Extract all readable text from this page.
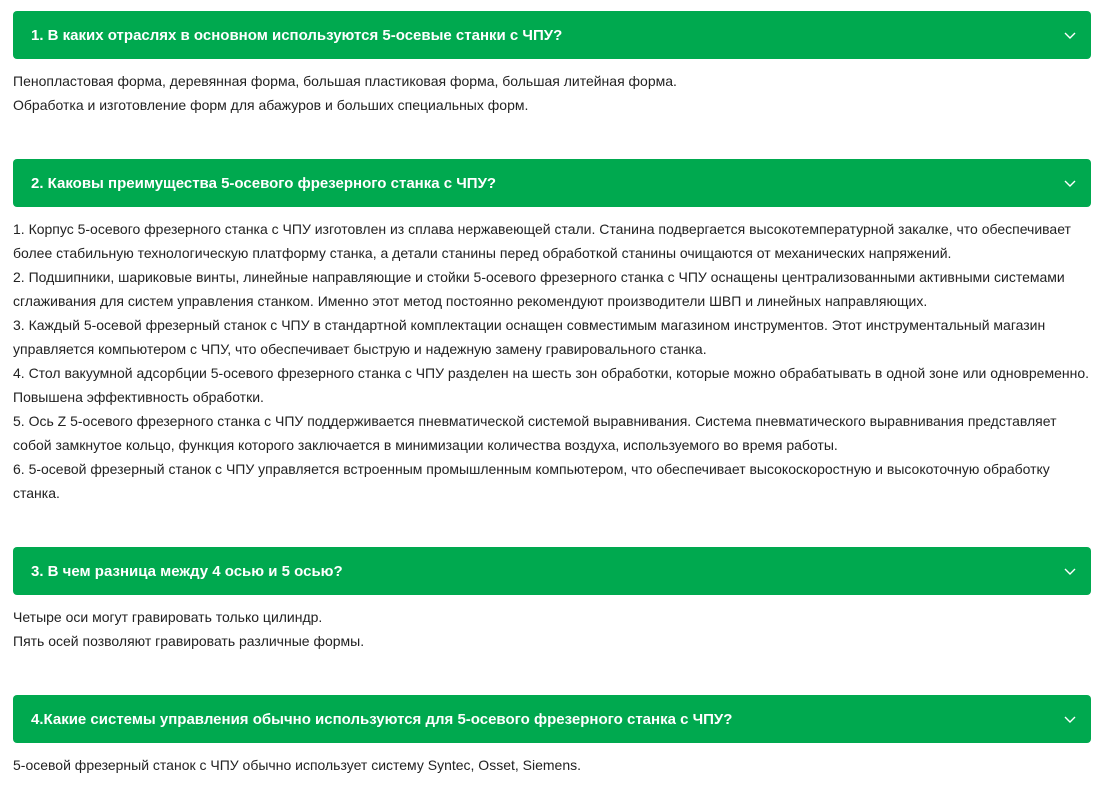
1. В каких отраслях в основном используются 5-осевые станки с ЧПУ?

Пенопластовая форма, деревянная форма, большая пластиковая форма, большая литейная форма.

Обработка и изготовление форм для абажуров и больших специальных форм.

2. Каковы преимущества 5-осевого фрезерного станка с ЧПУ?

1. Корпус 5-осевого фрезерного станка с ЧПУ изготовлен из сплава нержавеющей стали. Станина подвергается высокотемпературной закалке, что обеспечивает

более стабильную технологическую платформу станка, а детали станины перед обработкой станины очищаются от механических напряжений.

2. Подшипники, шариковые винты, линейные направляющие и стойки 5-осевого фрезерного станка с ЧПУ оснащены централизованными активными системами

сглаживания для систем управления станком. Именно этот метод постоянно рекомендуют производители ШВП и линейных направляющих.

3. Каждый 5-осевой фрезерный станок с ЧПУ в стандартной комплектации оснащен совместимым магазином инструментов. Этот инструментальный магазин

управляется компьютером с ЧПУ, что обеспечивает быструю и надежную замену гравировального станка.

4. Стол вакуумной адсорбции 5-осевого фрезерного станка с ЧПУ разделен на шесть зон обработки, которые можно обрабатывать в одной зоне или одновременно.

Повышена эффективность обработки.

5. Ось Z 5-осевого фрезерного станка с ЧПУ поддерживается пневматической системой выравнивания. Система пневматического выравнивания представляет

собой замкнутое кольцо, функция которого заключается в минимизации количества воздуха, используемого во время работы.

6. 5-осевой фрезерный станок с ЧПУ управляется встроенным промышленным компьютером, что обеспечивает высокоскоростную и высокоточную обработку

станка.

3. В чем разница между 4 осью и 5 осью?

Четыре оси могут гравировать только цилиндр.

Пять осей позволяют гравировать различные формы.

4.Какие системы управления обычно используются для 5-осевого фрезерного станка с ЧПУ?

5-осевой фрезерный станок с ЧПУ обычно использует систему Syntec, Osset, Siemens.
